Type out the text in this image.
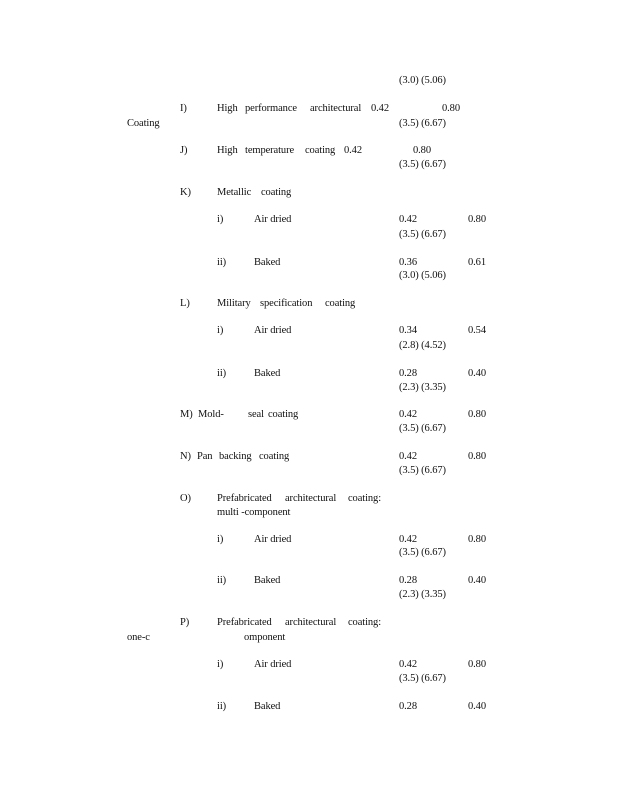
(3.0) (5.06)
I)	High performance architectural 0.42	0.80
Coating	(3.5) (6.67)
J)	High temperature coating 0.42	0.80
(3.5) (6.67)
K) Metallic coating
i)	Air dried	0.42	0.80
(3.5) (6.67)
ii)	Baked	0.36	0.61
(3.0) (5.06)
L)	Military specification coating
i)	Air dried	0.34	0.54
(2.8) (4.52)
ii)	Baked	0.28	0.40
(2.3) (3.35)
M) Mold- seal coating	0.42	0.80
(3.5) (6.67)
N) Pan backing coating	0.42	0.80
(3.5) (6.67)
O) Prefabricated architectural coating:
multi -component
i)	Air dried	0.42	0.80
(3.5) (6.67)
ii)	Baked	0.28	0.40
(2.3) (3.35)
P)	Prefabricated architectural coating:
one-c	omponent
i)	Air dried	0.42	0.80
(3.5) (6.67)
ii)	Baked	0.28	0.40
